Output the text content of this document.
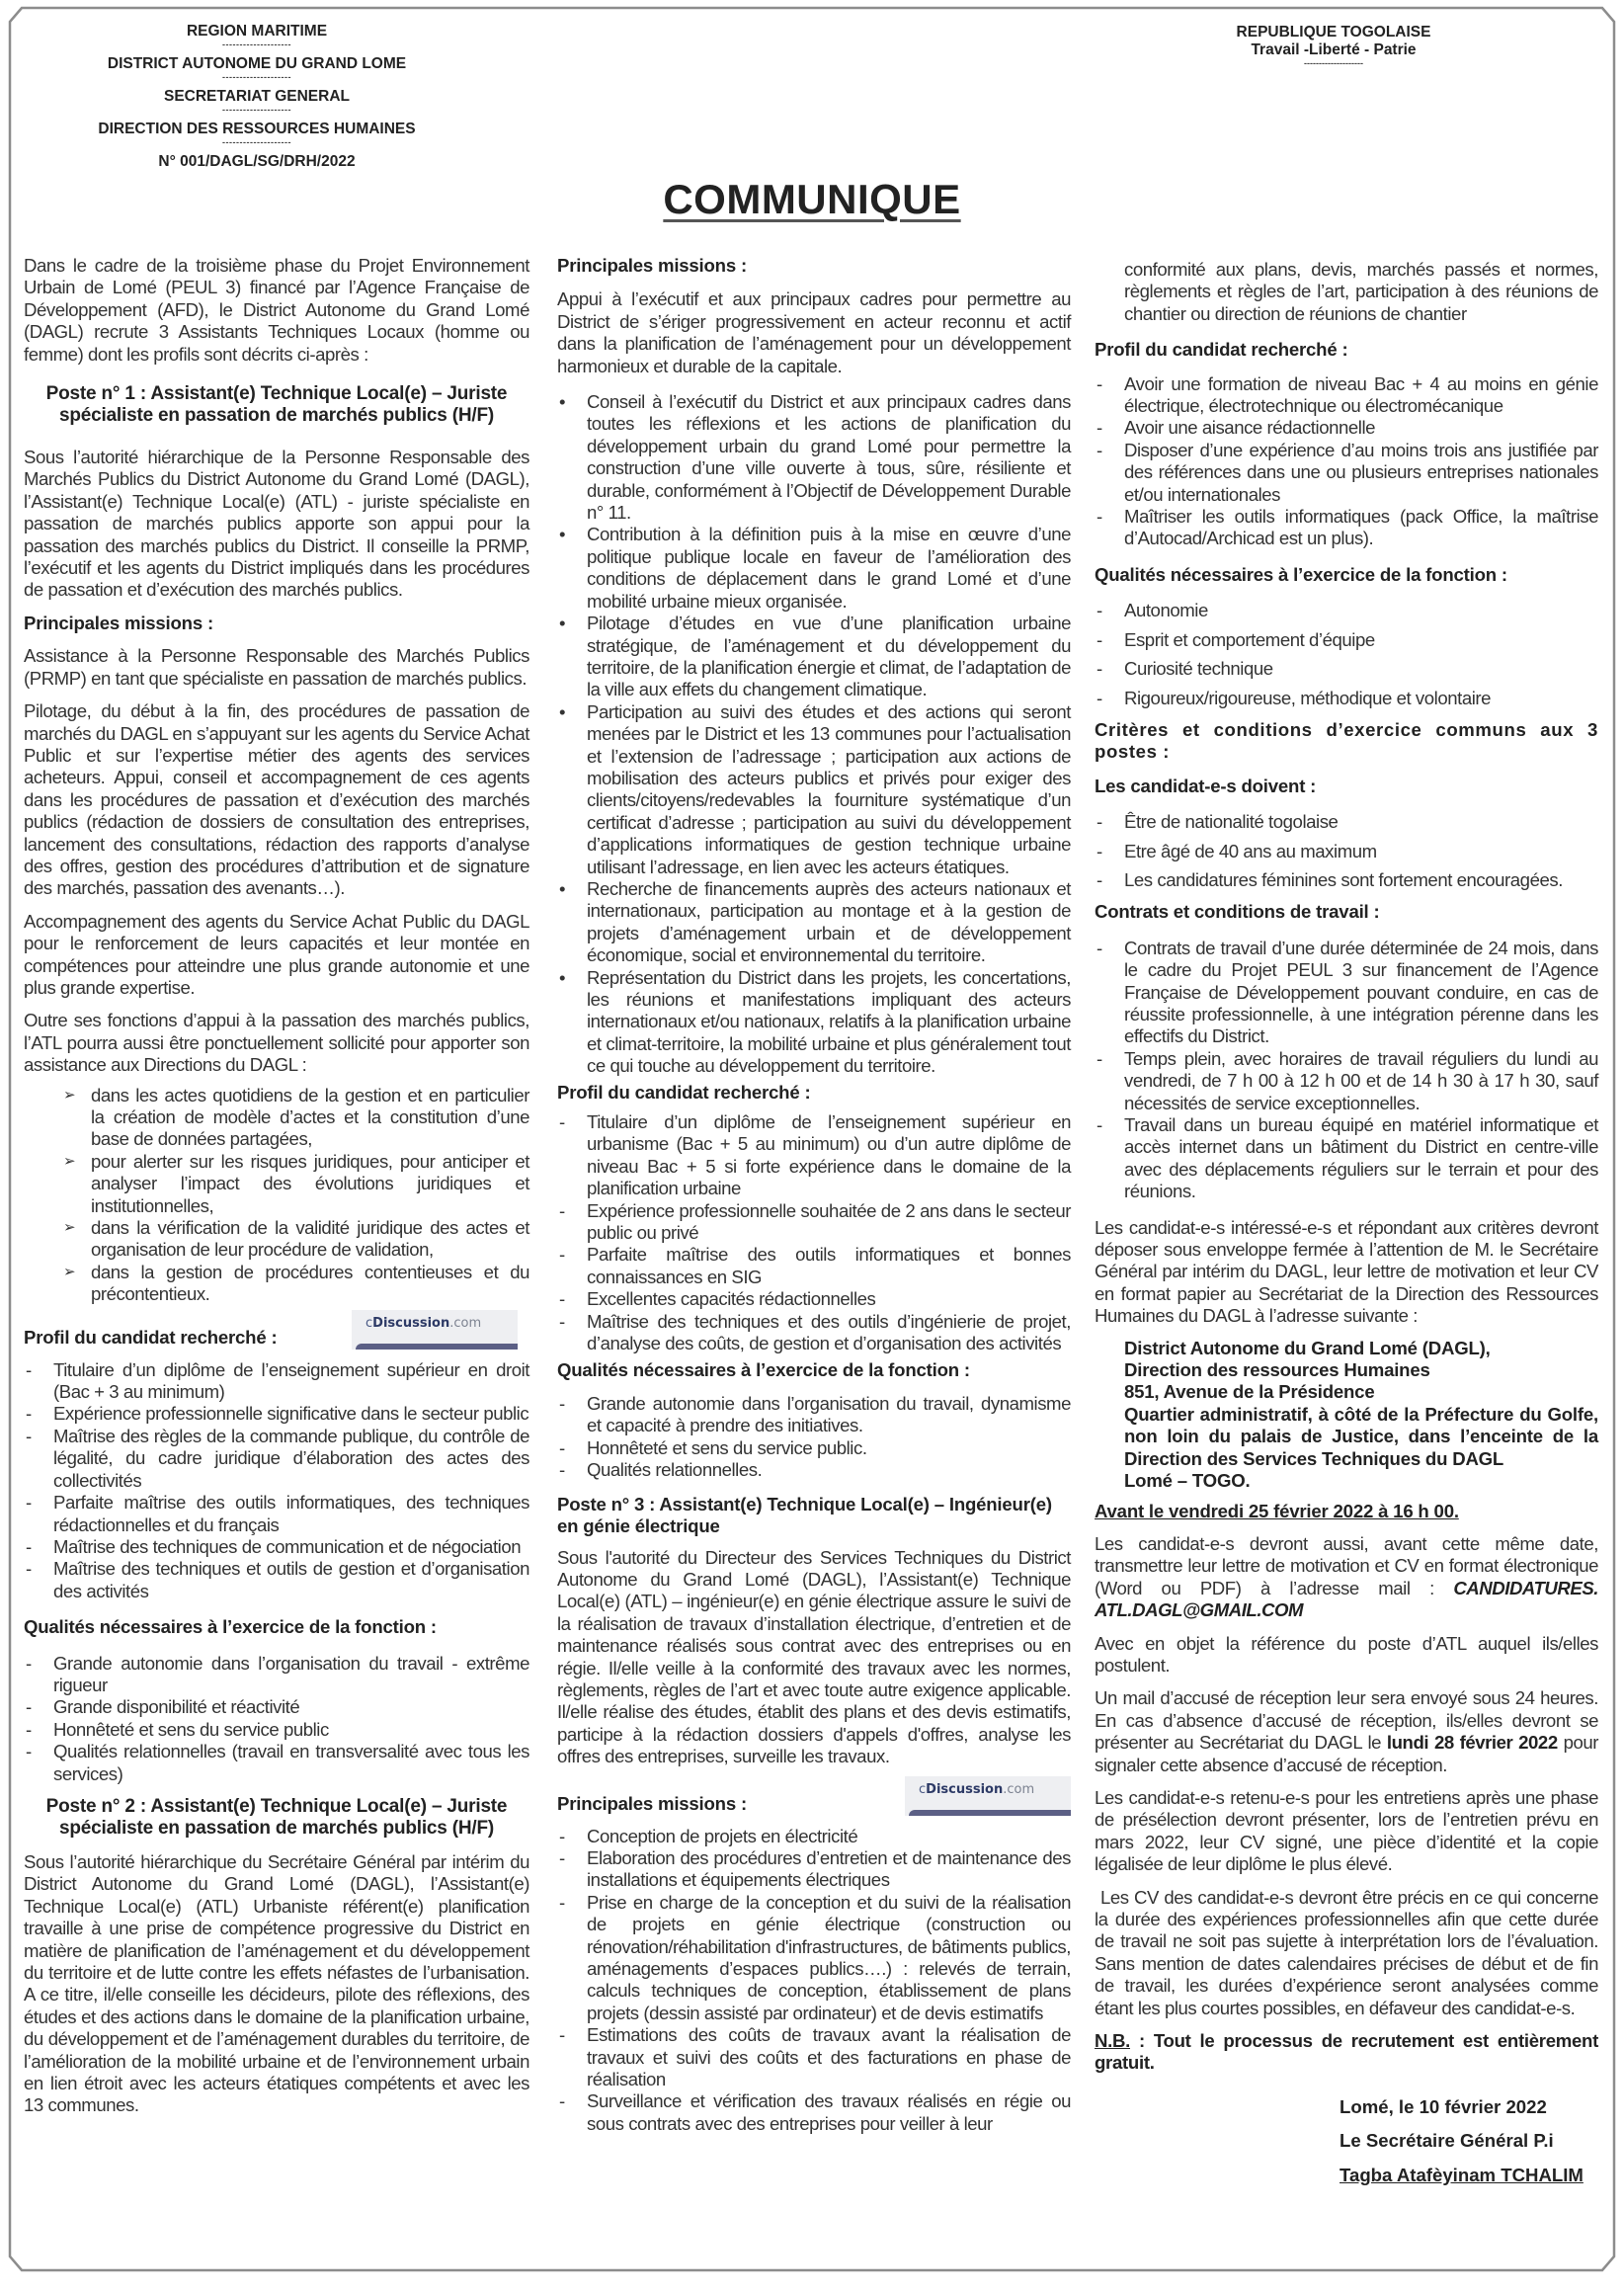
REGION MARITIME
--------------------
DISTRICT AUTONOME DU GRAND LOME
--------------------
SECRETARIAT GENERAL
--------------------
DIRECTION DES RESSOURCES HUMAINES
--------------------
N° 001/DAGL/SG/DRH/2022
REPUBLIQUE TOGOLAISE
Travail -Liberté - Patrie
--------------------
COMMUNIQUE

Dans le cadre de la troisième phase du Projet Environnement Urbain de Lomé (PEUL 3) financé par l’Agence Française de Développement (AFD), le District Autonome du Grand Lomé (DAGL) recrute 3 Assistants Techniques Locaux (homme ou femme) dont les profils sont décrits ci-après :

Poste n° 1 : Assistant(e) Technique Local(e) – Juriste spécialiste en passation de marchés publics (H/F)

Sous l’autorité hiérarchique de la Personne Responsable des Marchés Publics du District Autonome du Grand Lomé (DAGL), l’Assistant(e) Technique Local(e) (ATL) - juriste spécialiste en passation de marchés publics apporte son appui pour la passation des marchés publics du District. Il conseille la PRMP, l’exécutif et les agents du District impliqués dans les procédures de passation et d’exécution des marchés publics.

Principales missions :

Assistance à la Personne Responsable des Marchés Publics (PRMP) en tant que spécialiste en passation de marchés publics.

Pilotage, du début à la fin, des procédures de passation de marchés du DAGL en s’appuyant sur les agents du Service Achat Public et sur l’expertise métier des agents des services acheteurs. Appui, conseil et accompagnement de ces agents dans les procédures de passation et d’exécution des marchés publics (rédaction de dossiers de consultation des entreprises, lancement des consultations, rédaction des rapports d’analyse des offres, gestion des procédures d’attribution et de signature des marchés, passation des avenants…).

Accompagnement des agents du Service Achat Public du DAGL pour le renforcement de leurs capacités et leur montée en compétences pour atteindre une plus grande autonomie et une plus grande expertise.

Outre ses fonctions d’appui à la passation des marchés publics, l’ATL pourra aussi être ponctuellement sollicité pour apporter son assistance aux Directions du DAGL :

➢ dans les actes quotidiens de la gestion et en particulier la création de modèle d’actes et la constitution d’une base de données partagées,
➢ pour alerter sur les risques juridiques, pour anticiper et analyser l’impact des évolutions juridiques et institutionnelles,
➢ dans la vérification de la validité juridique des actes et organisation de leur procédure de validation,
➢ dans la gestion de procédures contentieuses et du précontentieux.
Profil du candidat recherché :
cDiscussion.com
- Titulaire d’un diplôme de l’enseignement supérieur en droit (Bac + 3 au minimum)
- Expérience professionnelle significative dans le secteur public
- Maîtrise des règles de la commande publique, du contrôle de légalité, du cadre juridique d’élaboration des actes des collectivités
- Parfaite maîtrise des outils informatiques, des techniques rédactionnelles et du français
- Maîtrise des techniques de communication et de négociation
- Maîtrise des techniques et outils de gestion et d’organisation des activités
Qualités nécessaires à l’exercice de la fonction :
- Grande autonomie dans l’organisation du travail - extrême rigueur
- Grande disponibilité et réactivité
- Honnêteté et sens du service public
- Qualités relationnelles (travail en transversalité avec tous les services)
Poste n° 2 : Assistant(e) Technique Local(e) – Juriste spécialiste en passation de marchés publics (H/F)

Sous l’autorité hiérarchique du Secrétaire Général par intérim du District Autonome du Grand Lomé (DAGL), l’Assistant(e) Technique Local(e) (ATL) Urbaniste référent(e) planification travaille à une prise de compétence progressive du District en matière de planification de l’aménagement et du développement du territoire et de lutte contre les effets néfastes de l’urbanisation. A ce titre, il/elle conseille les décideurs, pilote des réflexions, des études et des actions dans le domaine de la planification urbaine, du développement et de l’aménagement durables du territoire, de l’amélioration de la mobilité urbaine et de l’environnement urbain en lien étroit avec les acteurs étatiques compétents et avec les 13 communes.

Principales missions :

Appui à l’exécutif et aux principaux cadres pour permettre au District de s’ériger progressivement en acteur reconnu et actif dans la planification de l’aménagement pour un développement harmonieux et durable de la capitale.

• Conseil à l’exécutif du District et aux principaux cadres dans toutes les réflexions et les actions de planification du développement urbain du grand Lomé pour permettre la construction d’une ville ouverte à tous, sûre, résiliente et durable, conformément à l’Objectif de Développement Durable n° 11.
• Contribution à la définition puis à la mise en œuvre d’une politique publique locale en faveur de l’amélioration des conditions de déplacement dans le grand Lomé et d’une mobilité urbaine mieux organisée.
• Pilotage d’études en vue d’une planification urbaine stratégique, de l’aménagement et du développement du territoire, de la planification énergie et climat, de l’adaptation de la ville aux effets du changement climatique.
• Participation au suivi des études et des actions qui seront menées par le District et les 13 communes pour l’actualisation et l’extension de l’adressage ; participation aux actions de mobilisation des acteurs publics et privés pour exiger des clients/citoyens/redevables la fourniture systématique d’un certificat d’adresse ; participation au suivi du développement d’applications informatiques de gestion technique urbaine utilisant l’adressage, en lien avec les acteurs étatiques.
• Recherche de financements auprès des acteurs nationaux et internationaux, participation au montage et à la gestion de projets d’aménagement urbain et de développement économique, social et environnemental du territoire.
• Représentation du District dans les projets, les concertations, les réunions et manifestations impliquant des acteurs internationaux et/ou nationaux, relatifs à la planification urbaine et climat-territoire, la mobilité urbaine et plus généralement tout ce qui touche au développement du territoire.
Profil du candidat recherché :
- Titulaire d’un diplôme de l’enseignement supérieur en urbanisme (Bac + 5 au minimum) ou d’un autre diplôme de niveau Bac + 5 si forte expérience dans le domaine de la planification urbaine
- Expérience professionnelle souhaitée de 2 ans dans le secteur public ou privé
- Parfaite maîtrise des outils informatiques et bonnes connaissances en SIG
- Excellentes capacités rédactionnelles
- Maîtrise des techniques et des outils d’ingénierie de projet, d’analyse des coûts, de gestion et d’organisation des activités
Qualités nécessaires à l’exercice de la fonction :
- Grande autonomie dans l’organisation du travail, dynamisme et capacité à prendre des initiatives.
- Honnêteté et sens du service public.
- Qualités relationnelles.
Poste n° 3 : Assistant(e) Technique Local(e) – Ingénieur(e) en génie électrique

Sous l'autorité du Directeur des Services Techniques du District Autonome du Grand Lomé (DAGL), l’Assistant(e) Technique Local(e) (ATL) – ingénieur(e) en génie électrique assure le suivi de la réalisation de travaux d’installation électrique, d’entretien et de maintenance réalisés sous contrat avec des entreprises ou en régie. Il/elle veille à la conformité des travaux avec les normes, règlements, règles de l’art et avec toute autre exigence applicable. Il/elle réalise des études, établit des plans et des devis estimatifs, participe à la rédaction dossiers d'appels d'offres, analyse les offres des entreprises, surveille les travaux.

Principales missions :
cDiscussion.com
- Conception de projets en électricité
- Elaboration des procédures d’entretien et de maintenance des installations et équipements électriques
- Prise en charge de la conception et du suivi de la réalisation de projets en génie électrique (construction ou rénovation/réhabilitation d'infrastructures, de bâtiments publics, aménagements d’espaces publics….) : relevés de terrain, calculs techniques de conception, établissement de plans projets (dessin assisté par ordinateur) et de devis estimatifs
- Estimations des coûts de travaux avant la réalisation de travaux et suivi des coûts et des facturations en phase de réalisation
- Surveillance et vérification des travaux réalisés en régie ou sous contrats avec des entreprises pour veiller à leur
conformité aux plans, devis, marchés passés et normes, règlements et règles de l’art, participation à des réunions de chantier ou direction de réunions de chantier
Profil du candidat recherché :
- Avoir une formation de niveau Bac + 4 au moins en génie électrique, électrotechnique ou électromécanique
- Avoir une aisance rédactionnelle
- Disposer d’une expérience d’au moins trois ans justifiée par des références dans une ou plusieurs entreprises nationales et/ou internationales
- Maîtriser les outils informatiques (pack Office, la maîtrise d’Autocad/Archicad est un plus).
Qualités nécessaires à l’exercice de la fonction :
- Autonomie
- Esprit et comportement d’équipe
- Curiosité technique
- Rigoureux/rigoureuse, méthodique et volontaire
Critères et conditions d’exercice communs aux 3 postes :
Les candidat-e-s doivent :
- Être de nationalité togolaise
- Etre âgé de 40 ans au maximum
- Les candidatures féminines sont fortement encouragées.
Contrats et conditions de travail :
- Contrats de travail d’une durée déterminée de 24 mois, dans le cadre du Projet PEUL 3 sur financement de l’Agence Française de Développement pouvant conduire, en cas de réussite professionnelle, à une intégration pérenne dans les effectifs du District.
- Temps plein, avec horaires de travail réguliers du lundi au vendredi, de 7 h 00 à 12 h 00 et de 14 h 30 à 17 h 30, sauf nécessités de service exceptionnelles.
- Travail dans un bureau équipé en matériel informatique et accès internet dans un bâtiment du District en centre-ville avec des déplacements réguliers sur le terrain et pour des réunions.

Les candidat-e-s intéressé-e-s et répondant aux critères devront déposer sous enveloppe fermée à l’attention de M. le Secrétaire Général par intérim du DAGL, leur lettre de motivation et leur CV en format papier au Secrétariat de la Direction des Ressources Humaines du DAGL à l’adresse suivante :

District Autonome du Grand Lomé (DAGL),
Direction des ressources Humaines
851, Avenue de la Présidence
Quartier administratif, à côté de la Préfecture du Golfe, non loin du palais de Justice, dans l’enceinte de la Direction des Services Techniques du DAGL
Lomé – TOGO.
Avant le vendredi 25 février 2022 à 16 h 00.

Les candidat-e-s devront aussi, avant cette même date, transmettre leur lettre de motivation et CV en format électronique (Word ou PDF) à l’adresse mail : CANDIDATURES. ATL.DAGL@GMAIL.COM

Avec en objet la référence du poste d’ATL auquel ils/elles postulent.

Un mail d’accusé de réception leur sera envoyé sous 24 heures. En cas d’absence d’accusé de réception, ils/elles devront se présenter au Secrétariat du DAGL le lundi 28 février 2022 pour signaler cette absence d’accusé de réception.

Les candidat-e-s retenu-e-s pour les entretiens après une phase de présélection devront présenter, lors de l’entretien prévu en mars 2022, leur CV signé, une pièce d’identité et la copie légalisée de leur diplôme le plus élevé.

Les CV des candidat-e-s devront être précis en ce qui concerne la durée des expériences professionnelles afin que cette durée de travail ne soit pas sujette à interprétation lors de l’évaluation. Sans mention de dates calendaires précises de début et de fin de travail, les durées d’expérience seront analysées comme étant les plus courtes possibles, en défaveur des candidat-e-s.

N.B. : Tout le processus de recrutement est entièrement gratuit.
Lomé, le 10 février 2022
Le Secrétaire Général P.i
Tagba Atafèyinam TCHALIM
